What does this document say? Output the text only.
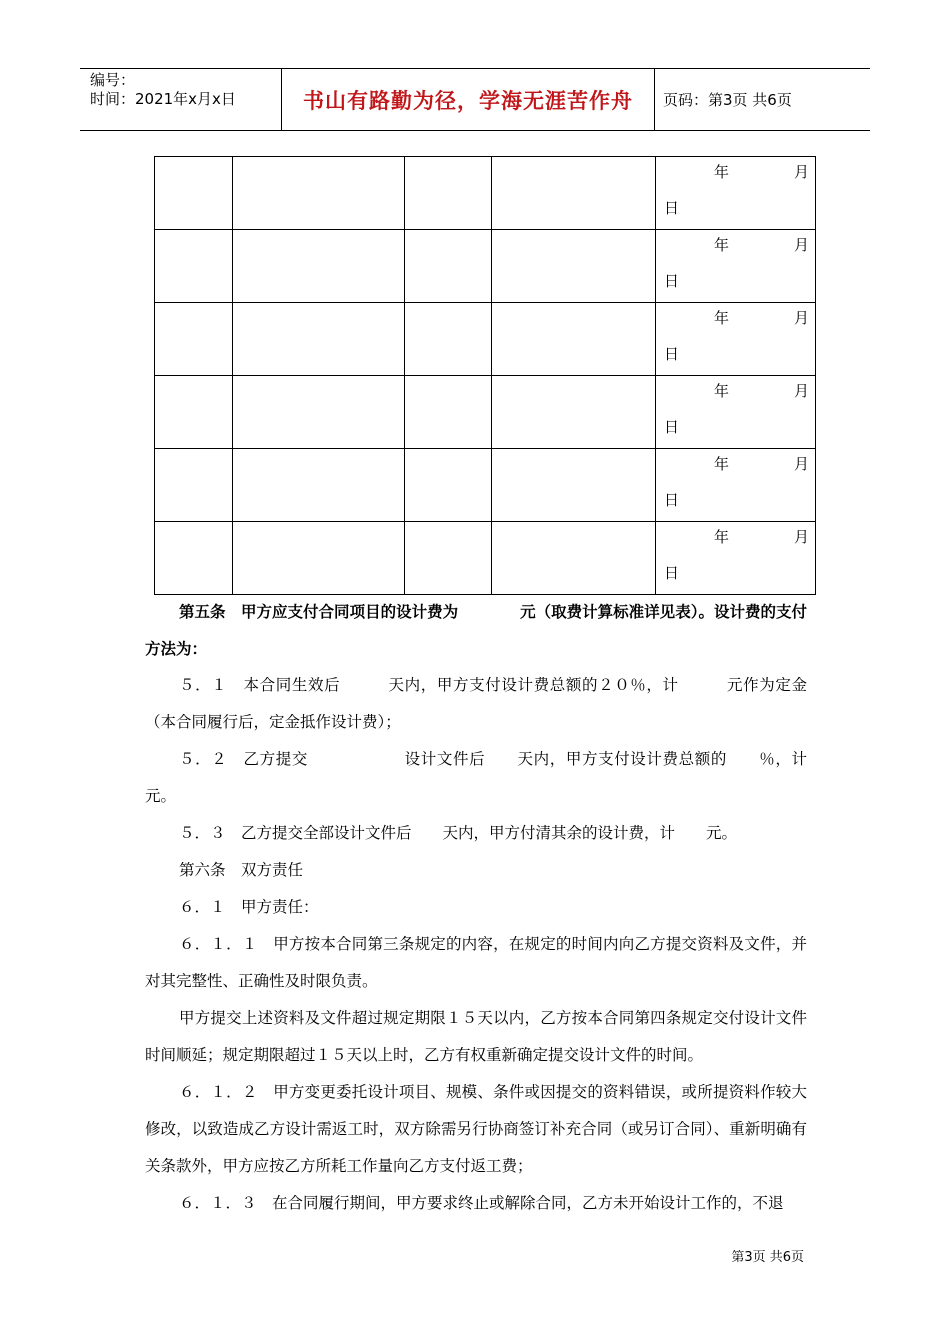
编号：
时间：2021年x月x日	书山有路勤为径，学海无涯苦作舟	页码：第3页 共6页

				年 月
日

				年 月
日

				年 月
日

				年 月
日

				年 月
日

				年 月
日

第五条　甲方应支付合同项目的设计费为　　　　元（取费计算标准详见表）。设计费的支付方法为：

５．１　本合同生效后　　　天内，甲方支付设计费总额的２０％，计　　　元作为定金（本合同履行后，定金抵作设计费）；

５．２　乙方提交　　　　　　设计文件后　　天内，甲方支付设计费总额的　　％，计　　元。

５．３　乙方提交全部设计文件后　　天内，甲方付清其余的设计费，计　　元。

第六条　双方责任

６．１　甲方责任：

６．１．１　甲方按本合同第三条规定的内容，在规定的时间内向乙方提交资料及文件，并对其完整性、正确性及时限负责。

甲方提交上述资料及文件超过规定期限１５天以内，乙方按本合同第四条规定交付设计文件时间顺延；规定期限超过１５天以上时，乙方有权重新确定提交设计文件的时间。

６．１．２　甲方变更委托设计项目、规模、条件或因提交的资料错误，或所提资料作较大修改，以致造成乙方设计需返工时，双方除需另行协商签订补充合同（或另订合同）、重新明确有关条款外，甲方应按乙方所耗工作量向乙方支付返工费；

６．１．３　在合同履行期间，甲方要求终止或解除合同，乙方未开始设计工作的，不退

第3页 共6页
